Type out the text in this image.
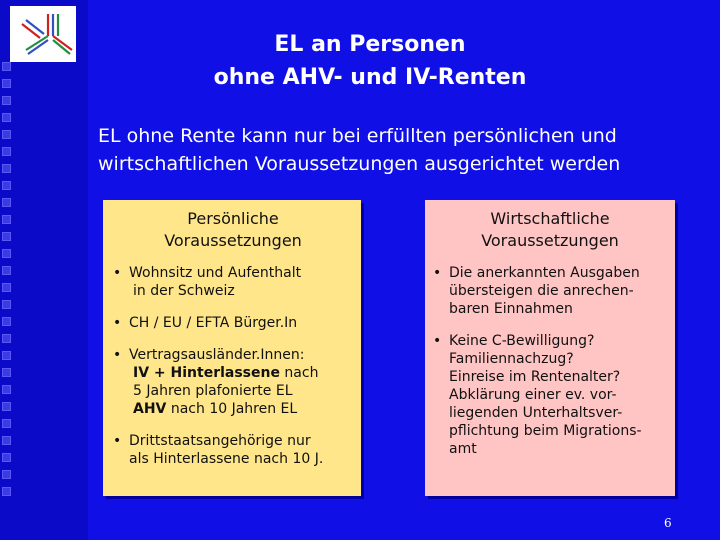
EL an Personen
ohne AHV- und IV-Renten
EL ohne Rente kann nur bei erfüllten persönlichen und
wirtschaftlichen Voraussetzungen ausgerichtet werden
Persönliche
Voraussetzungen
• Wohnsitz und Aufenthalt
in der Schweiz
• CH / EU / EFTA Bürger.In
• Vertragsausländer.Innen:
IV + Hinterlassene nach
5 Jahren plafonierte EL
AHV nach 10 Jahren EL
• Drittstaatsangehörige nur
als Hinterlassene nach 10 J.
Wirtschaftliche
Voraussetzungen
• Die anerkannten Ausgaben
übersteigen die anrechen-
baren Einnahmen
• Keine C-Bewilligung?
Familiennachzug?
Einreise im Rentenalter?
Abklärung einer ev. vor-
liegenden Unterhaltsver-
pflichtung beim Migrations-
amt
6
